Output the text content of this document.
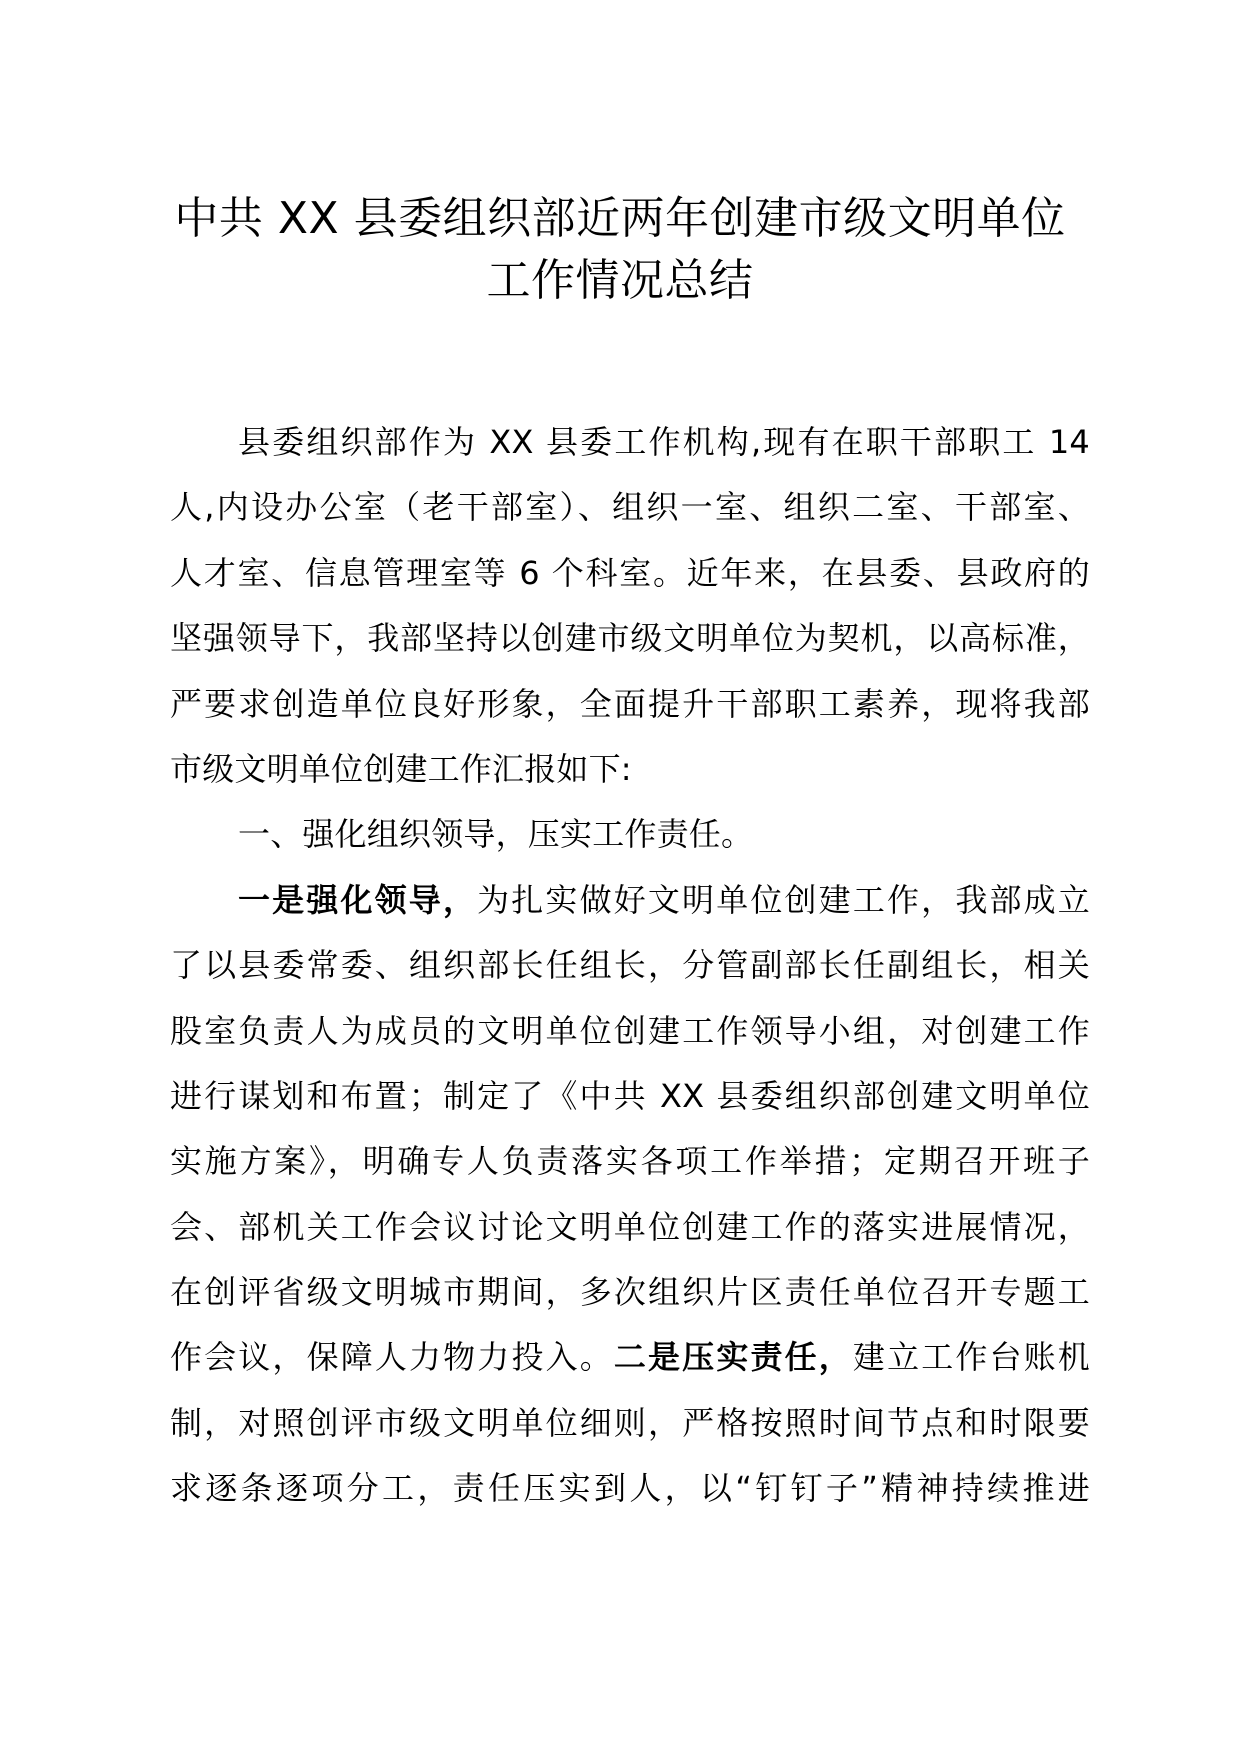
中共 XX 县委组织部近两年创建市级文明单位
工作情况总结
县委组织部作为 XX 县委工作机构,现有在职干部职工 14
人,内设办公室（老干部室）、组织一室、组织二室、干部室、
人才室、信息管理室等 6 个科室。近年来，在县委、县政府的
坚强领导下，我部坚持以创建市级文明单位为契机，以高标准，
严要求创造单位良好形象，全面提升干部职工素养，现将我部
市级文明单位创建工作汇报如下:
一、强化组织领导，压实工作责任。
一是强化领导，为扎实做好文明单位创建工作，我部成立
了以县委常委、组织部长任组长，分管副部长任副组长，相关
股室负责人为成员的文明单位创建工作领导小组，对创建工作
进行谋划和布置；制定了《中共 XX 县委组织部创建文明单位
实施方案》，明确专人负责落实各项工作举措；定期召开班子
会、部机关工作会议讨论文明单位创建工作的落实进展情况，
在创评省级文明城市期间，多次组织片区责任单位召开专题工
作会议，保障人力物力投入。二是压实责任，建立工作台账机
制，对照创评市级文明单位细则，严格按照时间节点和时限要
求逐条逐项分工，责任压实到人，以“钉钉子”精神持续推进
